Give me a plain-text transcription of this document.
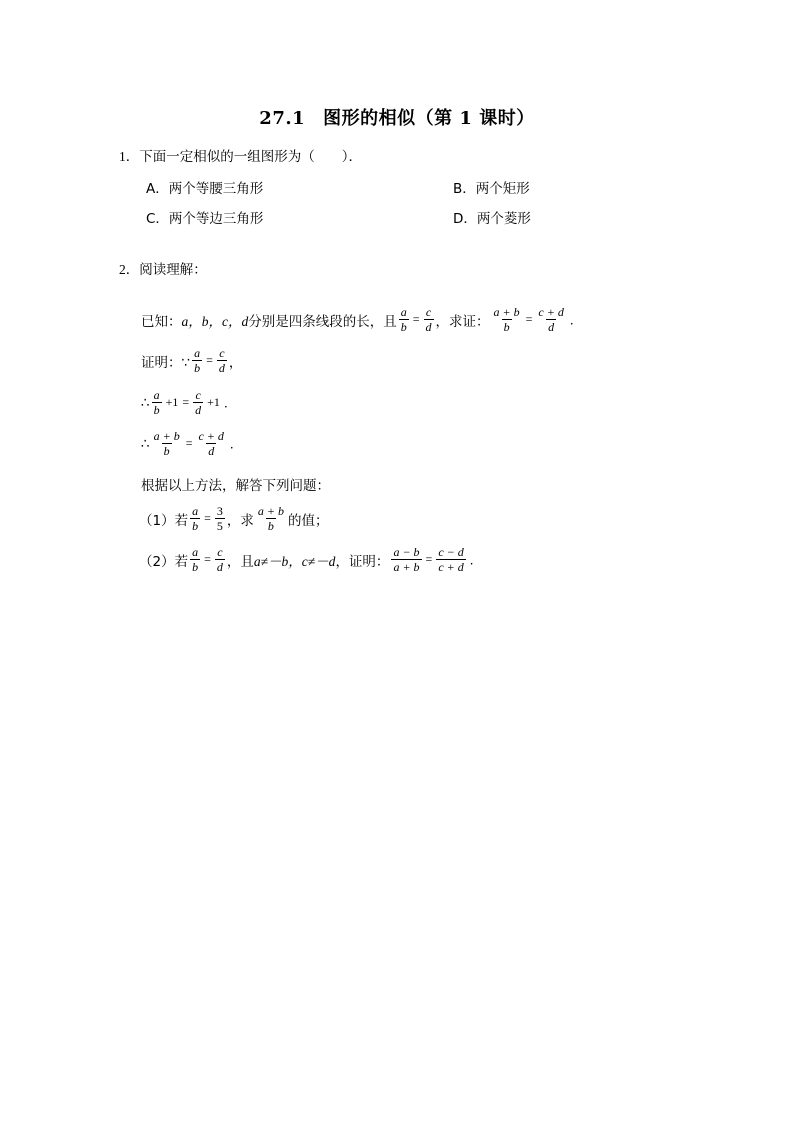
27.1 图形的相似（第 1 课时）
1． 下面一定相似的一组图形为（　　）．
A．两个等腰三角形	B．两个矩形
C．两个等边三角形	D．两个菱形
2． 阅读理解：
已知： a，b，c，d 分别是四条线段的长，且 $\frac{a}{b} = \frac{c}{d}$ ，求证： $\frac{a + b}{b} = \frac{c + d}{d}$ ．
证明：∵ $\frac{a}{b} = \frac{c}{d}$ ，
∴ $\frac{a}{b} +1 = \frac{c}{d} +1$ ．
∴ $\frac{a + b}{b} = \frac{c + d}{d}$ ．
根据以上方法，解答下列问题：
（1）若 $\frac{a}{b} = \frac{3}{5}$ ，求 $\frac{a + b}{b}$ 的值；
（2）若 $\frac{a}{b} = \frac{c}{d}$ ，且 a≠－b，c≠－d ，证明： $\frac{a - b}{a + b} = \frac{c - d}{c + d}$ ．
